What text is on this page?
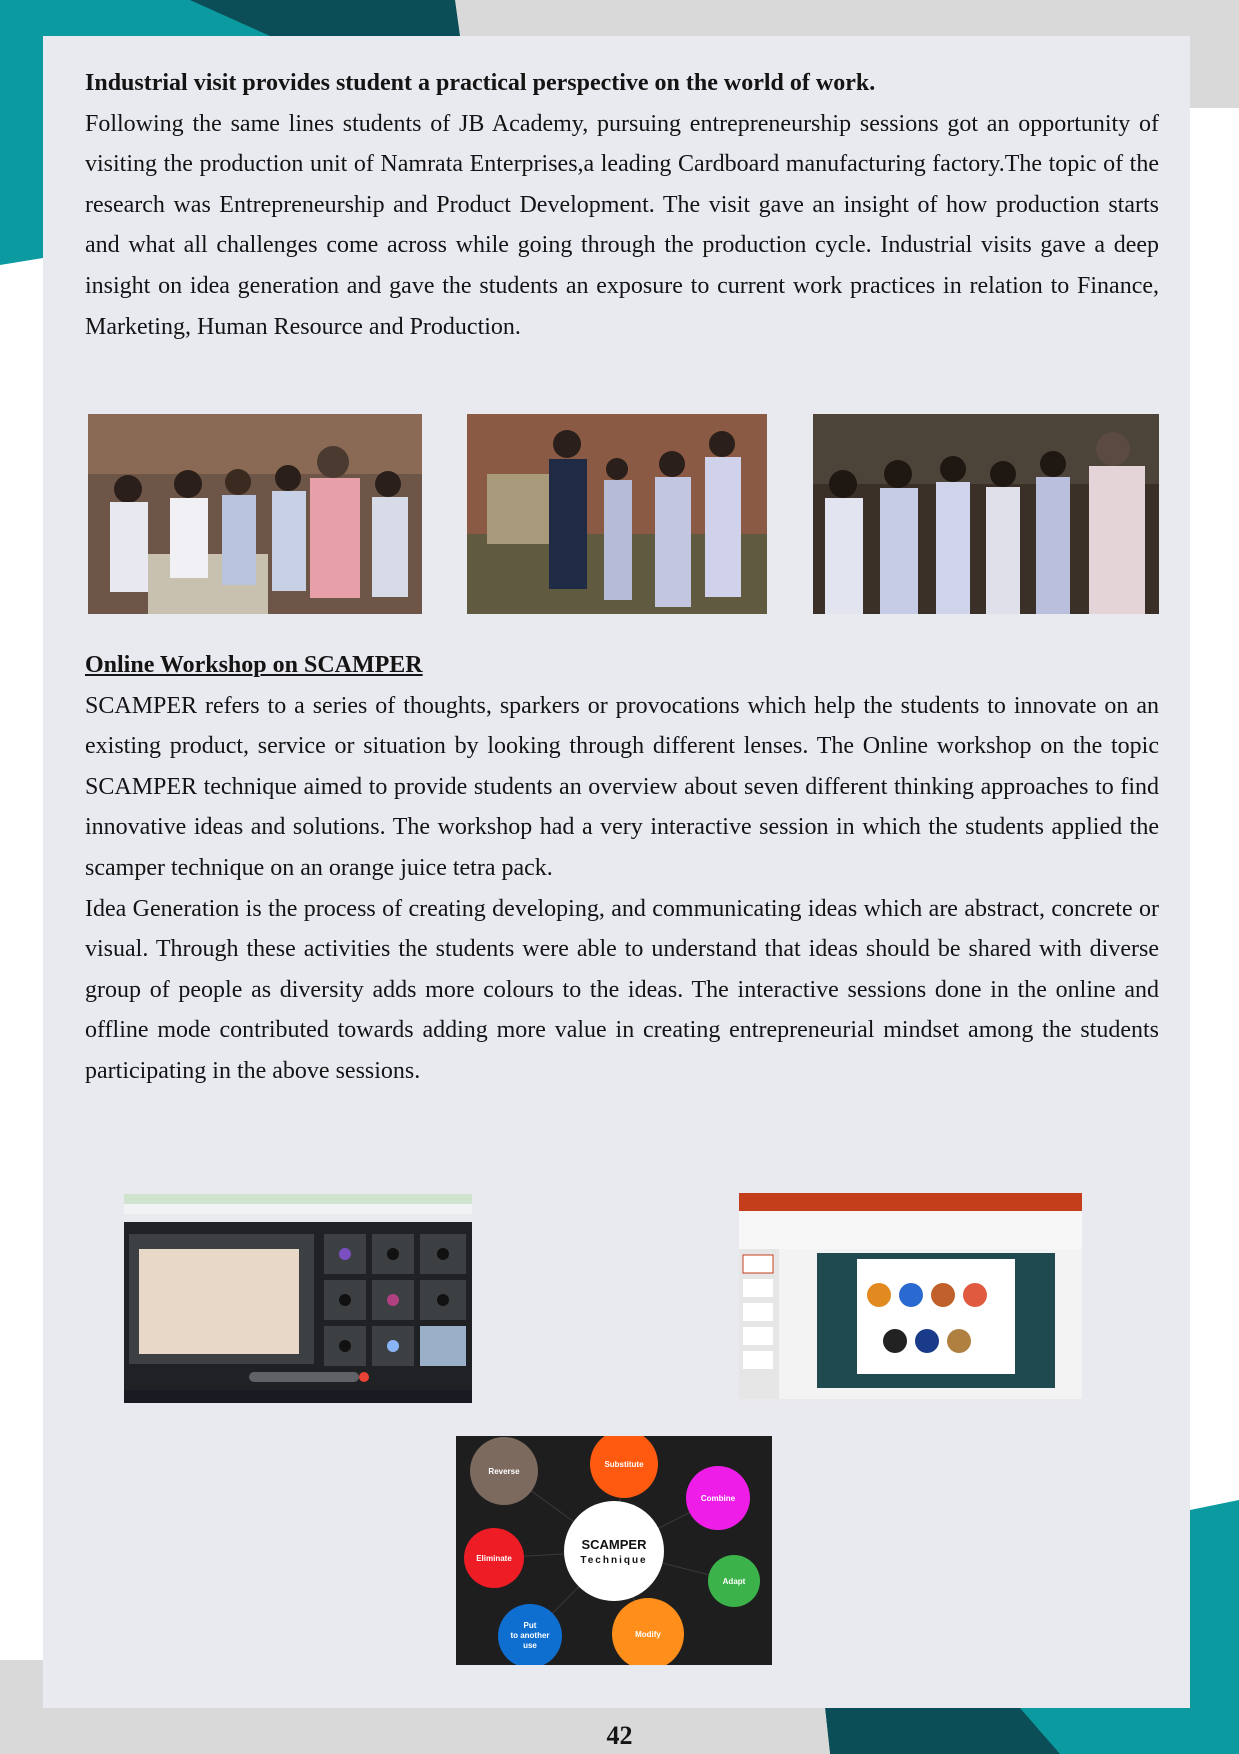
Industrial visit provides student a practical perspective on the world of work.

Following the same lines students of JB Academy, pursuing entrepreneurship sessions got an opportunity of visiting the production unit of Namrata Enterprises,a leading Cardboard manufacturing factory.The topic of the research was Entrepreneurship and Product Development. The visit gave an insight of how production starts and what all challenges come across while going through the production cycle. Industrial visits gave a deep insight on idea generation and gave the students an exposure to current work practices in relation to Finance, Marketing, Human Resource and Production.

Online Workshop on SCAMPER

SCAMPER refers to a series of thoughts, sparkers or provocations which help the students to innovate on an existing product, service or situation by looking through different lenses. The Online workshop on the topic SCAMPER technique aimed to provide students an overview about seven different thinking approaches to find innovative ideas and solutions. The workshop had a very interactive session in which the students applied the scamper technique on an orange juice tetra pack.

Idea Generation is the process of creating developing, and communicating ideas which are abstract, concrete or visual. Through these activities the students were able to understand that ideas should be shared with diverse group of people as diversity adds more colours to the ideas. The interactive sessions done in the online and offline mode contributed towards adding more value in creating entrepreneurial mindset among the students participating in the above sessions.

SCAMPER
Technique
Reverse
Substitute
Combine
Adapt
Modify
Put
to another
use
Eliminate
42
